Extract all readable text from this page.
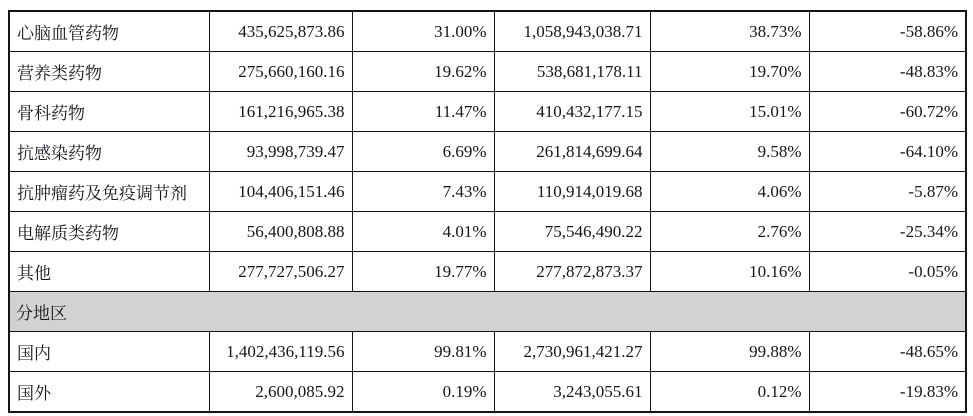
心脑血管药物	435,625,873.86	31.00%	1,058,943,038.71	38.73%	-58.86%
营养类药物	275,660,160.16	19.62%	538,681,178.11	19.70%	-48.83%
骨科药物	161,216,965.38	11.47%	410,432,177.15	15.01%	-60.72%
抗感染药物	93,998,739.47	6.69%	261,814,699.64	9.58%	-64.10%
抗肿瘤药及免疫调节剂	104,406,151.46	7.43%	110,914,019.68	4.06%	-5.87%
电解质类药物	56,400,808.88	4.01%	75,546,490.22	2.76%	-25.34%
其他	277,727,506.27	19.77%	277,872,873.37	10.16%	-0.05%
分地区					
国内	1,402,436,119.56	99.81%	2,730,961,421.27	99.88%	-48.65%
国外	2,600,085.92	0.19%	3,243,055.61	0.12%	-19.83%
